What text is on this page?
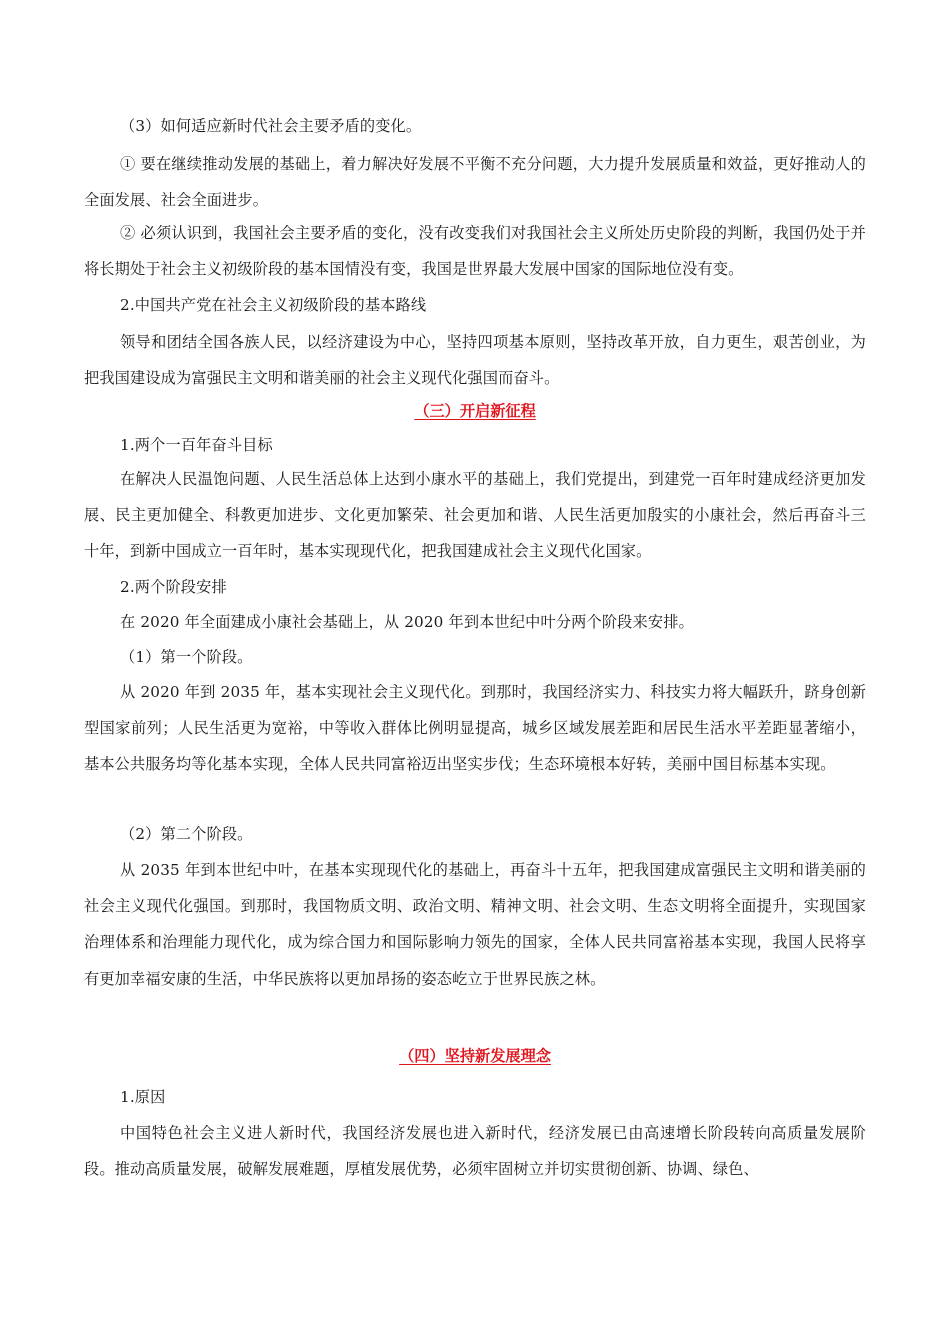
（3）如何适应新时代社会主要矛盾的变化。

① 要在继续推动发展的基础上，着力解决好发展不平衡不充分问题，大力提升发展质量和效益，更好推动人的全面发展、社会全面进步。

② 必须认识到，我国社会主要矛盾的变化，没有改变我们对我国社会主义所处历史阶段的判断，我国仍处于并将长期处于社会主义初级阶段的基本国情没有变，我国是世界最大发展中国家的国际地位没有变。

2.中国共产党在社会主义初级阶段的基本路线

领导和团结全国各族人民，以经济建设为中心，坚持四项基本原则，坚持改革开放，自力更生，艰苦创业，为把我国建设成为富强民主文明和谐美丽的社会主义现代化强国而奋斗。

（三）开启新征程

1.两个一百年奋斗目标

在解决人民温饱问题、人民生活总体上达到小康水平的基础上，我们党提出，到建党一百年时建成经济更加发展、民主更加健全、科教更加进步、文化更加繁荣、社会更加和谐、人民生活更加殷实的小康社会，然后再奋斗三十年，到新中国成立一百年时，基本实现现代化，把我国建成社会主义现代化国家。

2.两个阶段安排

在 2020 年全面建成小康社会基础上，从 2020 年到本世纪中叶分两个阶段来安排。

（1）第一个阶段。

从 2020 年到 2035 年，基本实现社会主义现代化。到那时，我国经济实力、科技实力将大幅跃升，跻身创新型国家前列；人民生活更为宽裕，中等收入群体比例明显提高，城乡区域发展差距和居民生活水平差距显著缩小，基本公共服务均等化基本实现，全体人民共同富裕迈出坚实步伐；生态环境根本好转，美丽中国目标基本实现。

（2）第二个阶段。

从 2035 年到本世纪中叶，在基本实现现代化的基础上，再奋斗十五年，把我国建成富强民主文明和谐美丽的社会主义现代化强国。到那时，我国物质文明、政治文明、精神文明、社会文明、生态文明将全面提升，实现国家治理体系和治理能力现代化，成为综合国力和国际影响力领先的国家，全体人民共同富裕基本实现，我国人民将享有更加幸福安康的生活，中华民族将以更加昂扬的姿态屹立于世界民族之林。

（四）坚持新发展理念

1.原因

中国特色社会主义进人新时代，我国经济发展也进入新时代，经济发展已由高速增长阶段转向高质量发展阶段。推动高质量发展，破解发展难题，厚植发展优势，必须牢固树立并切实贯彻创新、协调、绿色、
